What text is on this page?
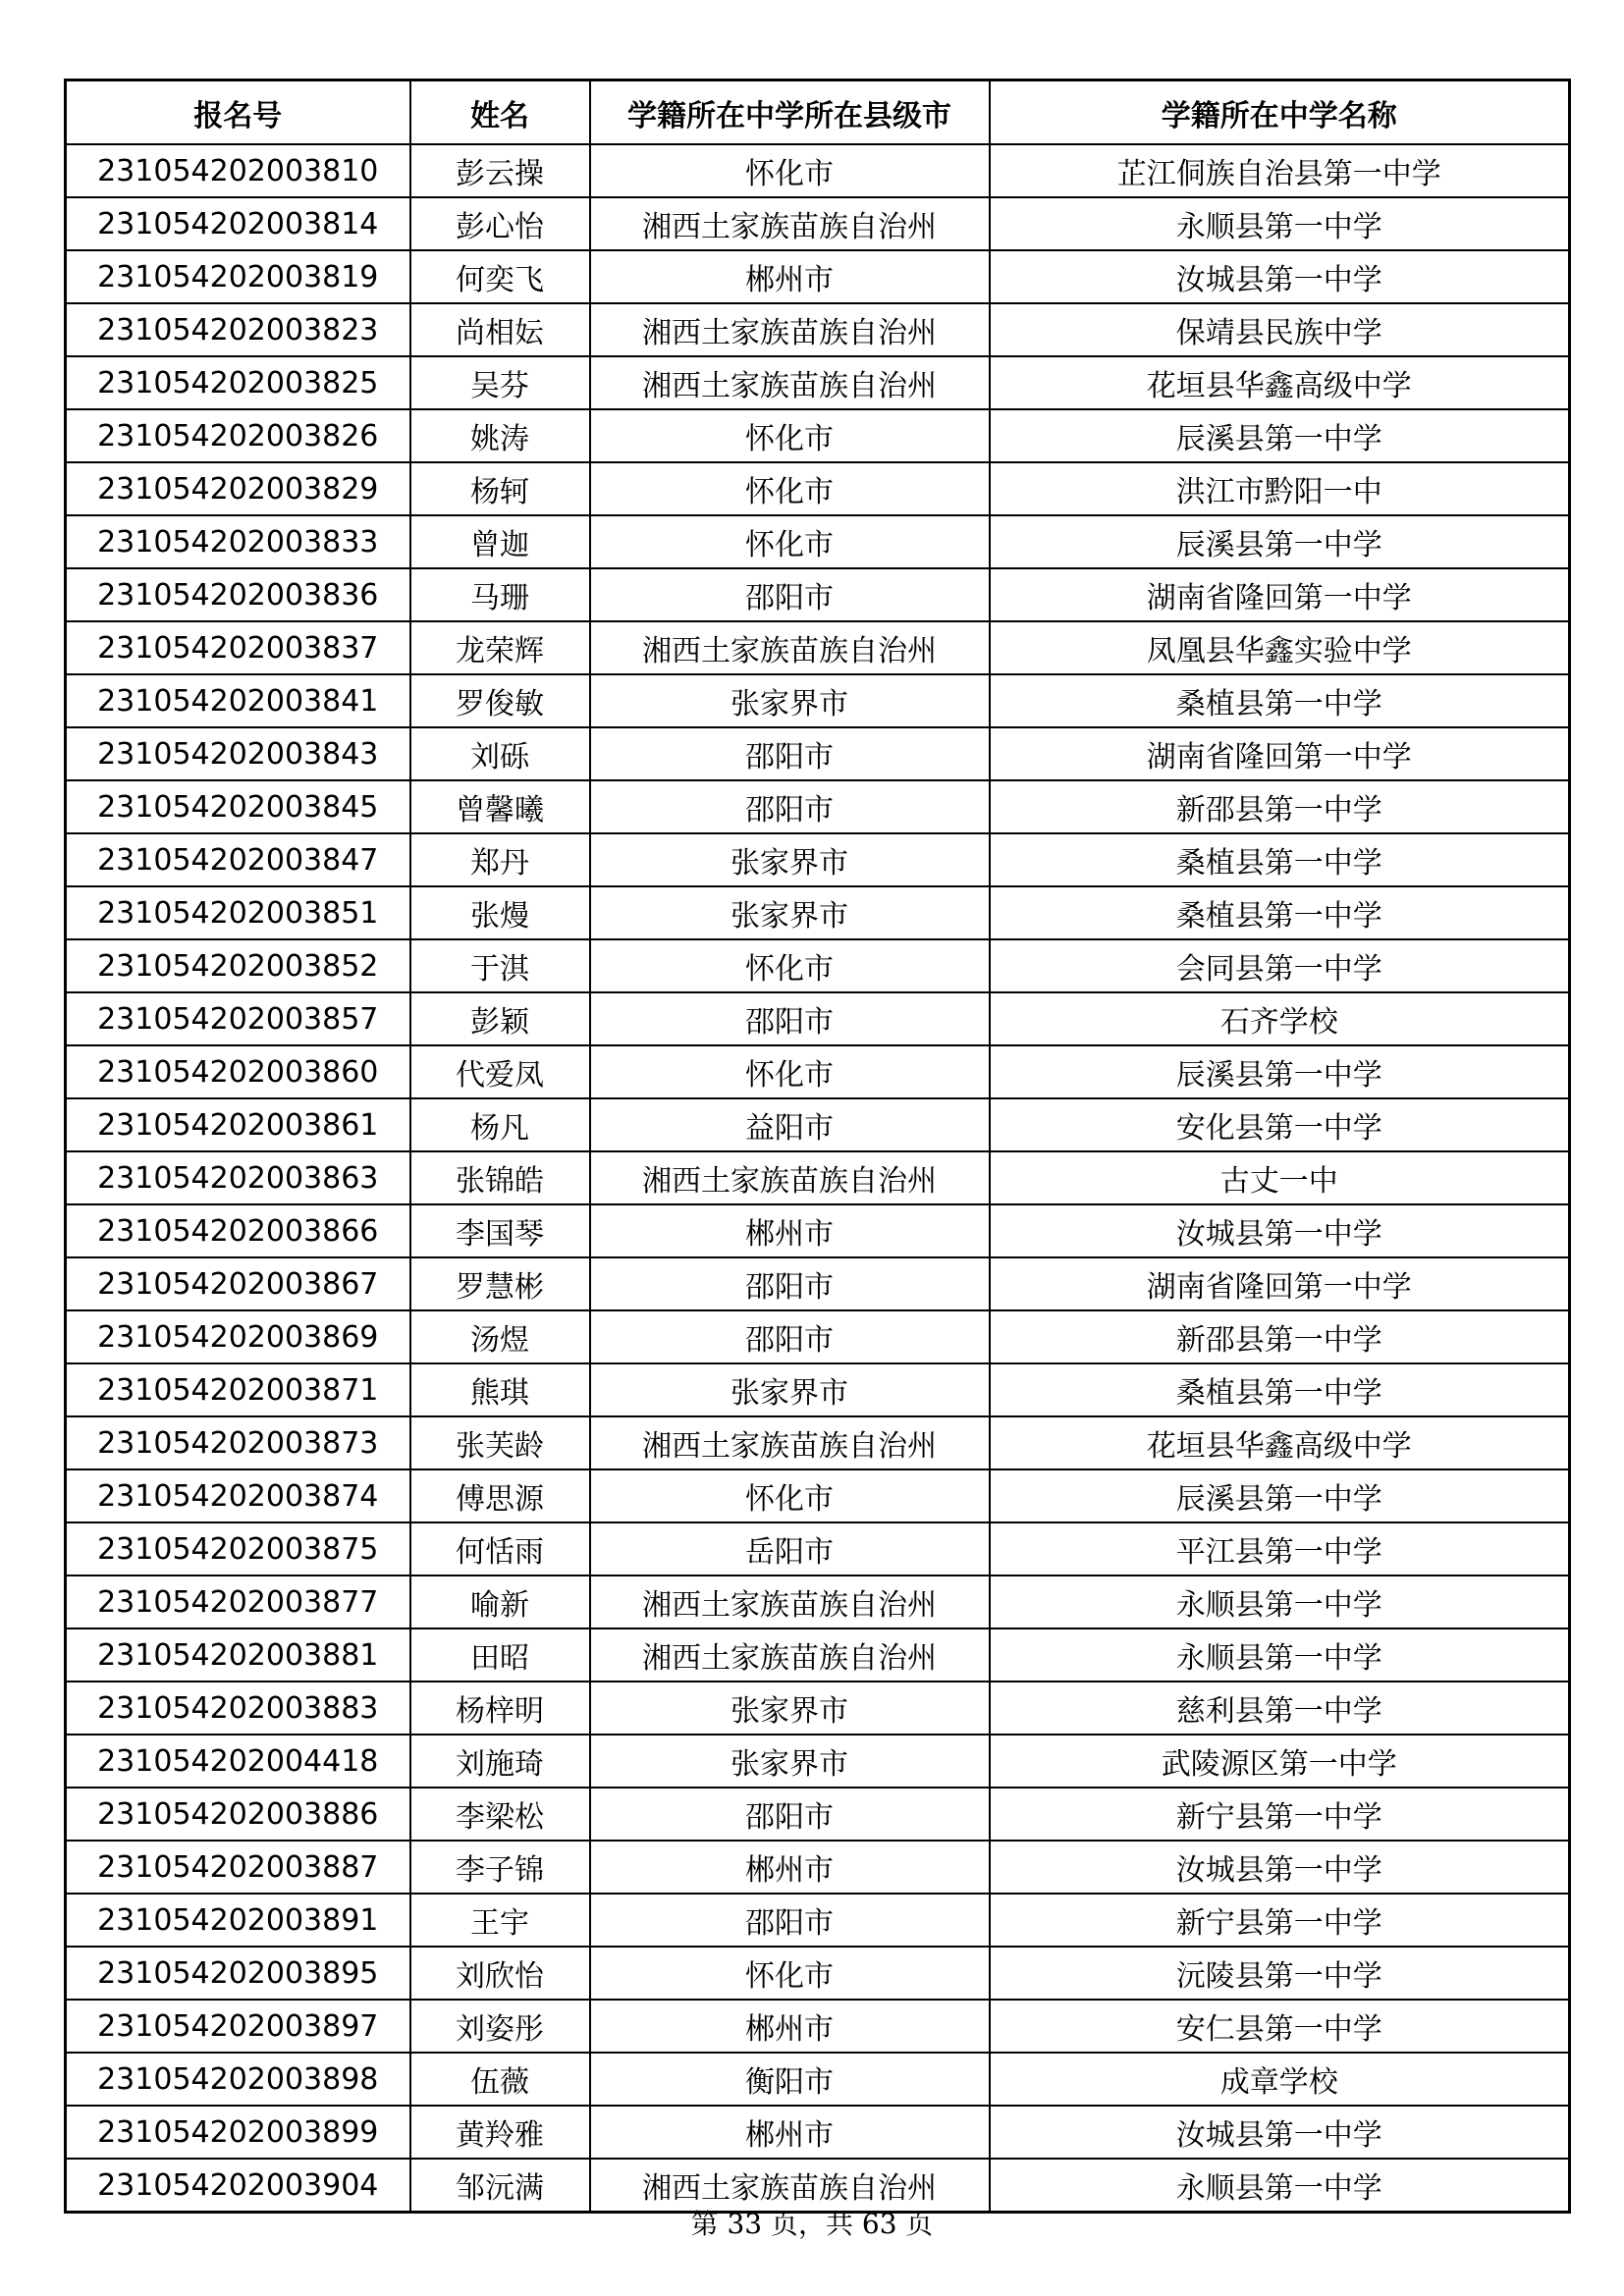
报名号	姓名	学籍所在中学所在县级市	学籍所在中学名称
231054202003810	彭云操	怀化市	芷江侗族自治县第一中学
231054202003814	彭心怡	湘西土家族苗族自治州	永顺县第一中学
231054202003819	何奕飞	郴州市	汝城县第一中学
231054202003823	尚相妘	湘西土家族苗族自治州	保靖县民族中学
231054202003825	吴芬	湘西土家族苗族自治州	花垣县华鑫高级中学
231054202003826	姚涛	怀化市	辰溪县第一中学
231054202003829	杨轲	怀化市	洪江市黔阳一中
231054202003833	曾迦	怀化市	辰溪县第一中学
231054202003836	马珊	邵阳市	湖南省隆回第一中学
231054202003837	龙荣辉	湘西土家族苗族自治州	凤凰县华鑫实验中学
231054202003841	罗俊敏	张家界市	桑植县第一中学
231054202003843	刘砾	邵阳市	湖南省隆回第一中学
231054202003845	曾馨曦	邵阳市	新邵县第一中学
231054202003847	郑丹	张家界市	桑植县第一中学
231054202003851	张熳	张家界市	桑植县第一中学
231054202003852	于淇	怀化市	会同县第一中学
231054202003857	彭颖	邵阳市	石齐学校
231054202003860	代爱凤	怀化市	辰溪县第一中学
231054202003861	杨凡	益阳市	安化县第一中学
231054202003863	张锦皓	湘西土家族苗族自治州	古丈一中
231054202003866	李国琴	郴州市	汝城县第一中学
231054202003867	罗慧彬	邵阳市	湖南省隆回第一中学
231054202003869	汤煜	邵阳市	新邵县第一中学
231054202003871	熊琪	张家界市	桑植县第一中学
231054202003873	张芙龄	湘西土家族苗族自治州	花垣县华鑫高级中学
231054202003874	傅思源	怀化市	辰溪县第一中学
231054202003875	何恬雨	岳阳市	平江县第一中学
231054202003877	喻新	湘西土家族苗族自治州	永顺县第一中学
231054202003881	田昭	湘西土家族苗族自治州	永顺县第一中学
231054202003883	杨梓明	张家界市	慈利县第一中学
231054202004418	刘施琦	张家界市	武陵源区第一中学
231054202003886	李梁松	邵阳市	新宁县第一中学
231054202003887	李子锦	郴州市	汝城县第一中学
231054202003891	王宇	邵阳市	新宁县第一中学
231054202003895	刘欣怡	怀化市	沅陵县第一中学
231054202003897	刘姿彤	郴州市	安仁县第一中学
231054202003898	伍薇	衡阳市	成章学校
231054202003899	黄羚雅	郴州市	汝城县第一中学
231054202003904	邹沅满	湘西土家族苗族自治州	永顺县第一中学
第 33 页，共 63 页
